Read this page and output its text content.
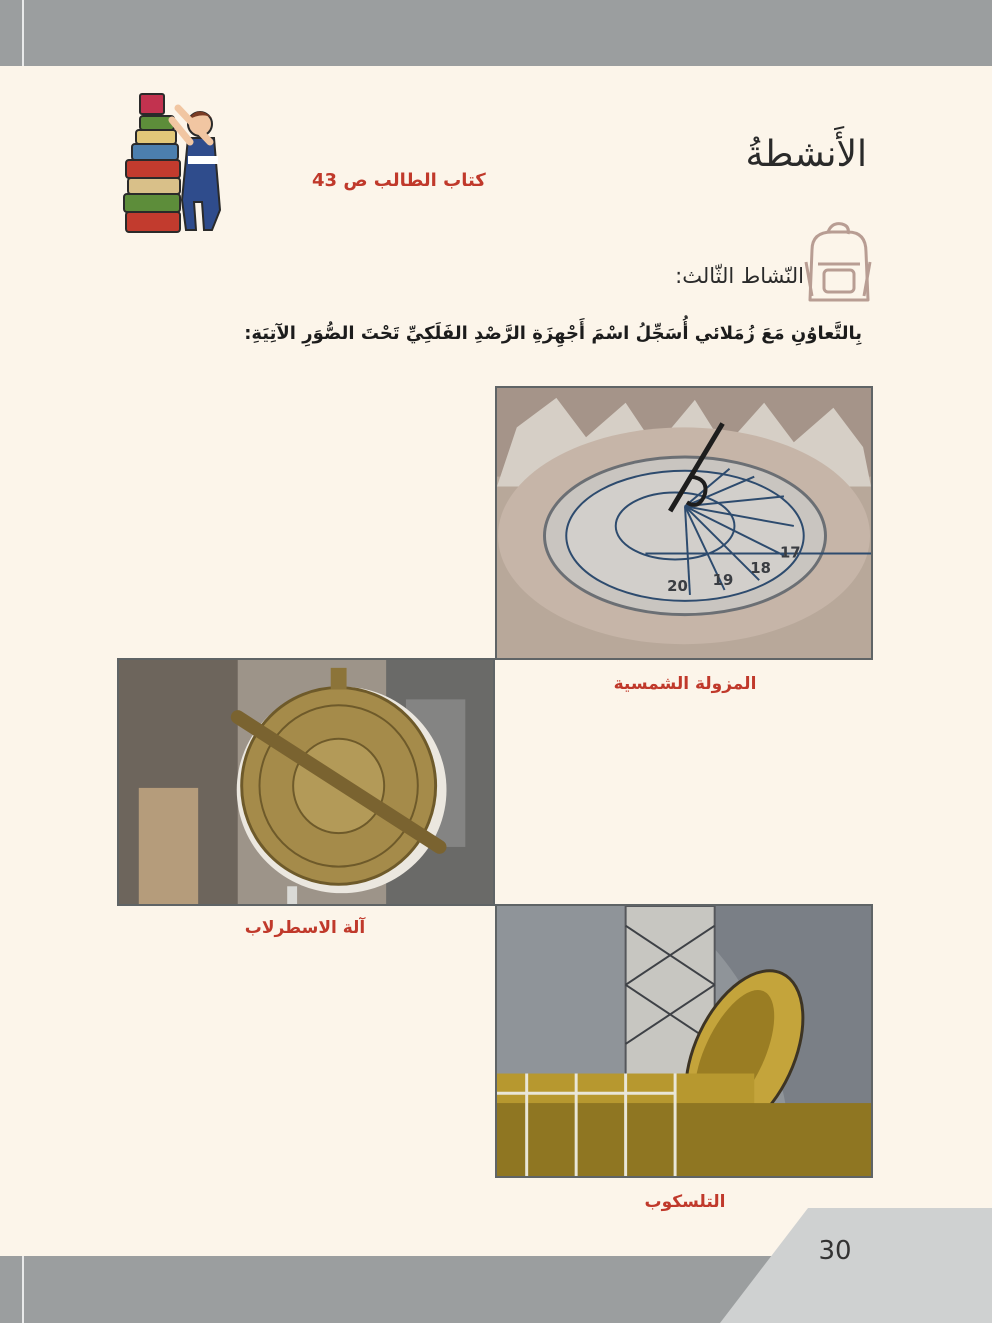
الأَنشطةُ
كتاب الطالب ص 43
النّشاط الثّالث:
بِالتَّعاوُنِ مَعَ زُمَلائي أُسَجِّلُ اسْمَ أَجْهِزَةِ الرَّصْدِ الفَلَكِيِّ تَحْتَ الصُّوَرِ الآتِيَةِ:
20 19
18
17
المزولة الشمسية
آلة الاسطرلاب
التلسكوب
30
